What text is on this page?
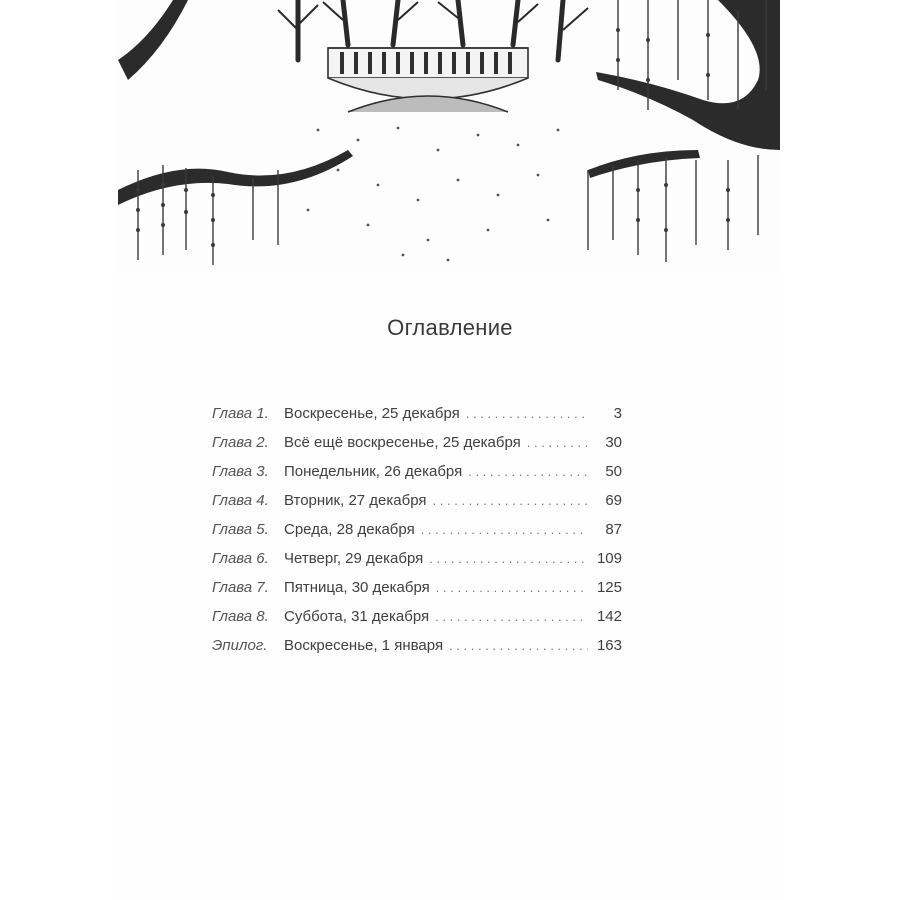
Оглавление
Глава 1.	Воскресенье, 25 декабря . . .	3
Глава 2.	Всё ещё воскресенье, 25 декабря . . .	30
Глава 3.	Понедельник, 26 декабря . . .	50
Глава 4.	Вторник, 27 декабря . . .	69
Глава 5.	Среда, 28 декабря . . .	87
Глава 6.	Четверг, 29 декабря . . .	109
Глава 7.	Пятница, 30 декабря . . .	125
Глава 8.	Суббота, 31 декабря . . .	142
Эпилог.	Воскресенье, 1 января . . .	163
